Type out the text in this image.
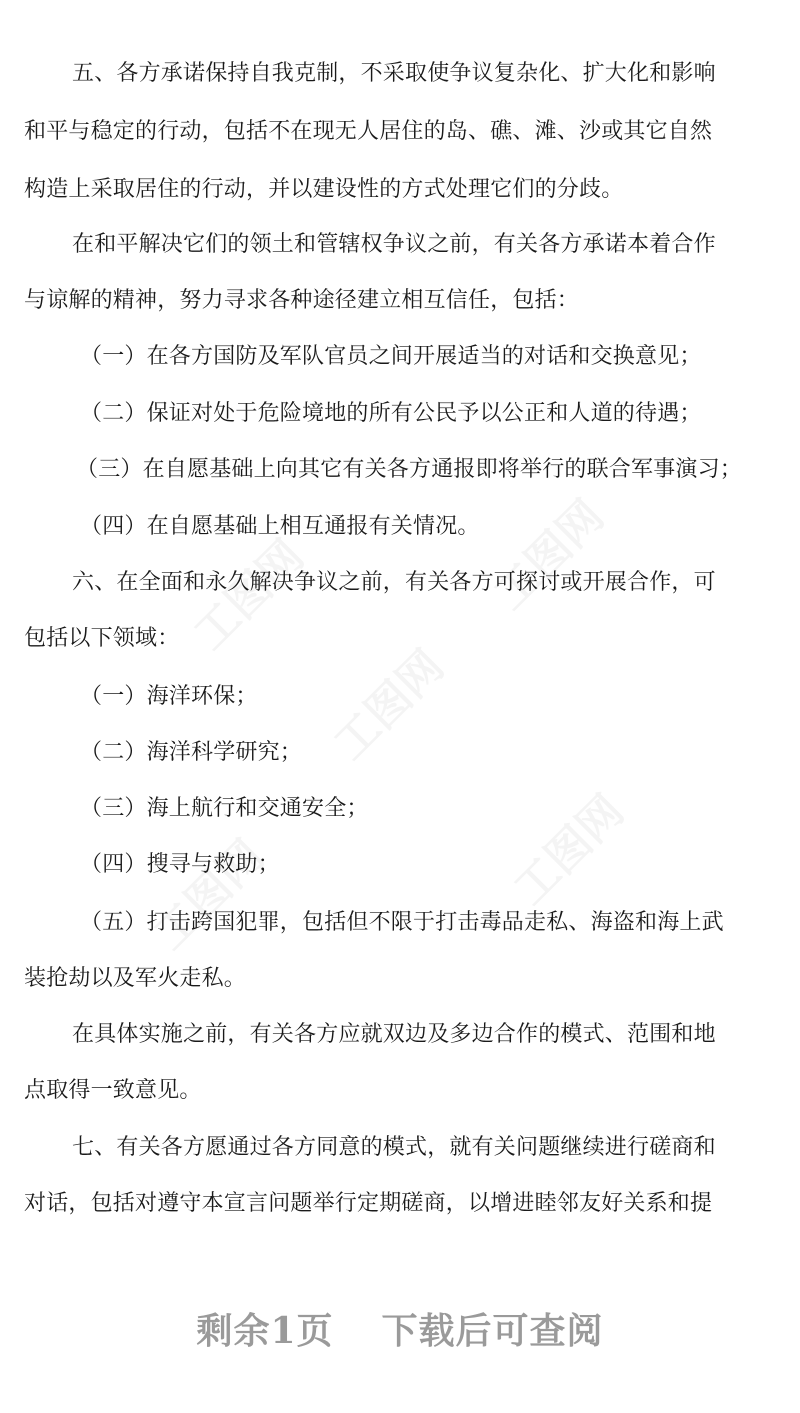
五、各方承诺保持自我克制，不采取使争议复杂化、扩大化和影响
和平与稳定的行动，包括不在现无人居住的岛、礁、滩、沙或其它自然
构造上采取居住的行动，并以建设性的方式处理它们的分歧。
在和平解决它们的领土和管辖权争议之前，有关各方承诺本着合作
与谅解的精神，努力寻求各种途径建立相互信任，包括：
（一）在各方国防及军队官员之间开展适当的对话和交换意见；
（二）保证对处于危险境地的所有公民予以公正和人道的待遇；
（三）在自愿基础上向其它有关各方通报即将举行的联合军事演习；
（四）在自愿基础上相互通报有关情况。
六、在全面和永久解决争议之前，有关各方可探讨或开展合作，可
包括以下领域：
（一）海洋环保；
（二）海洋科学研究；
（三）海上航行和交通安全；
（四）搜寻与救助；
（五）打击跨国犯罪，包括但不限于打击毒品走私、海盗和海上武
装抢劫以及军火走私。
在具体实施之前，有关各方应就双边及多边合作的模式、范围和地
点取得一致意见。
七、有关各方愿通过各方同意的模式，就有关问题继续进行磋商和
对话，包括对遵守本宣言问题举行定期磋商，以增进睦邻友好关系和提
剩余1页 下载后可查阅
